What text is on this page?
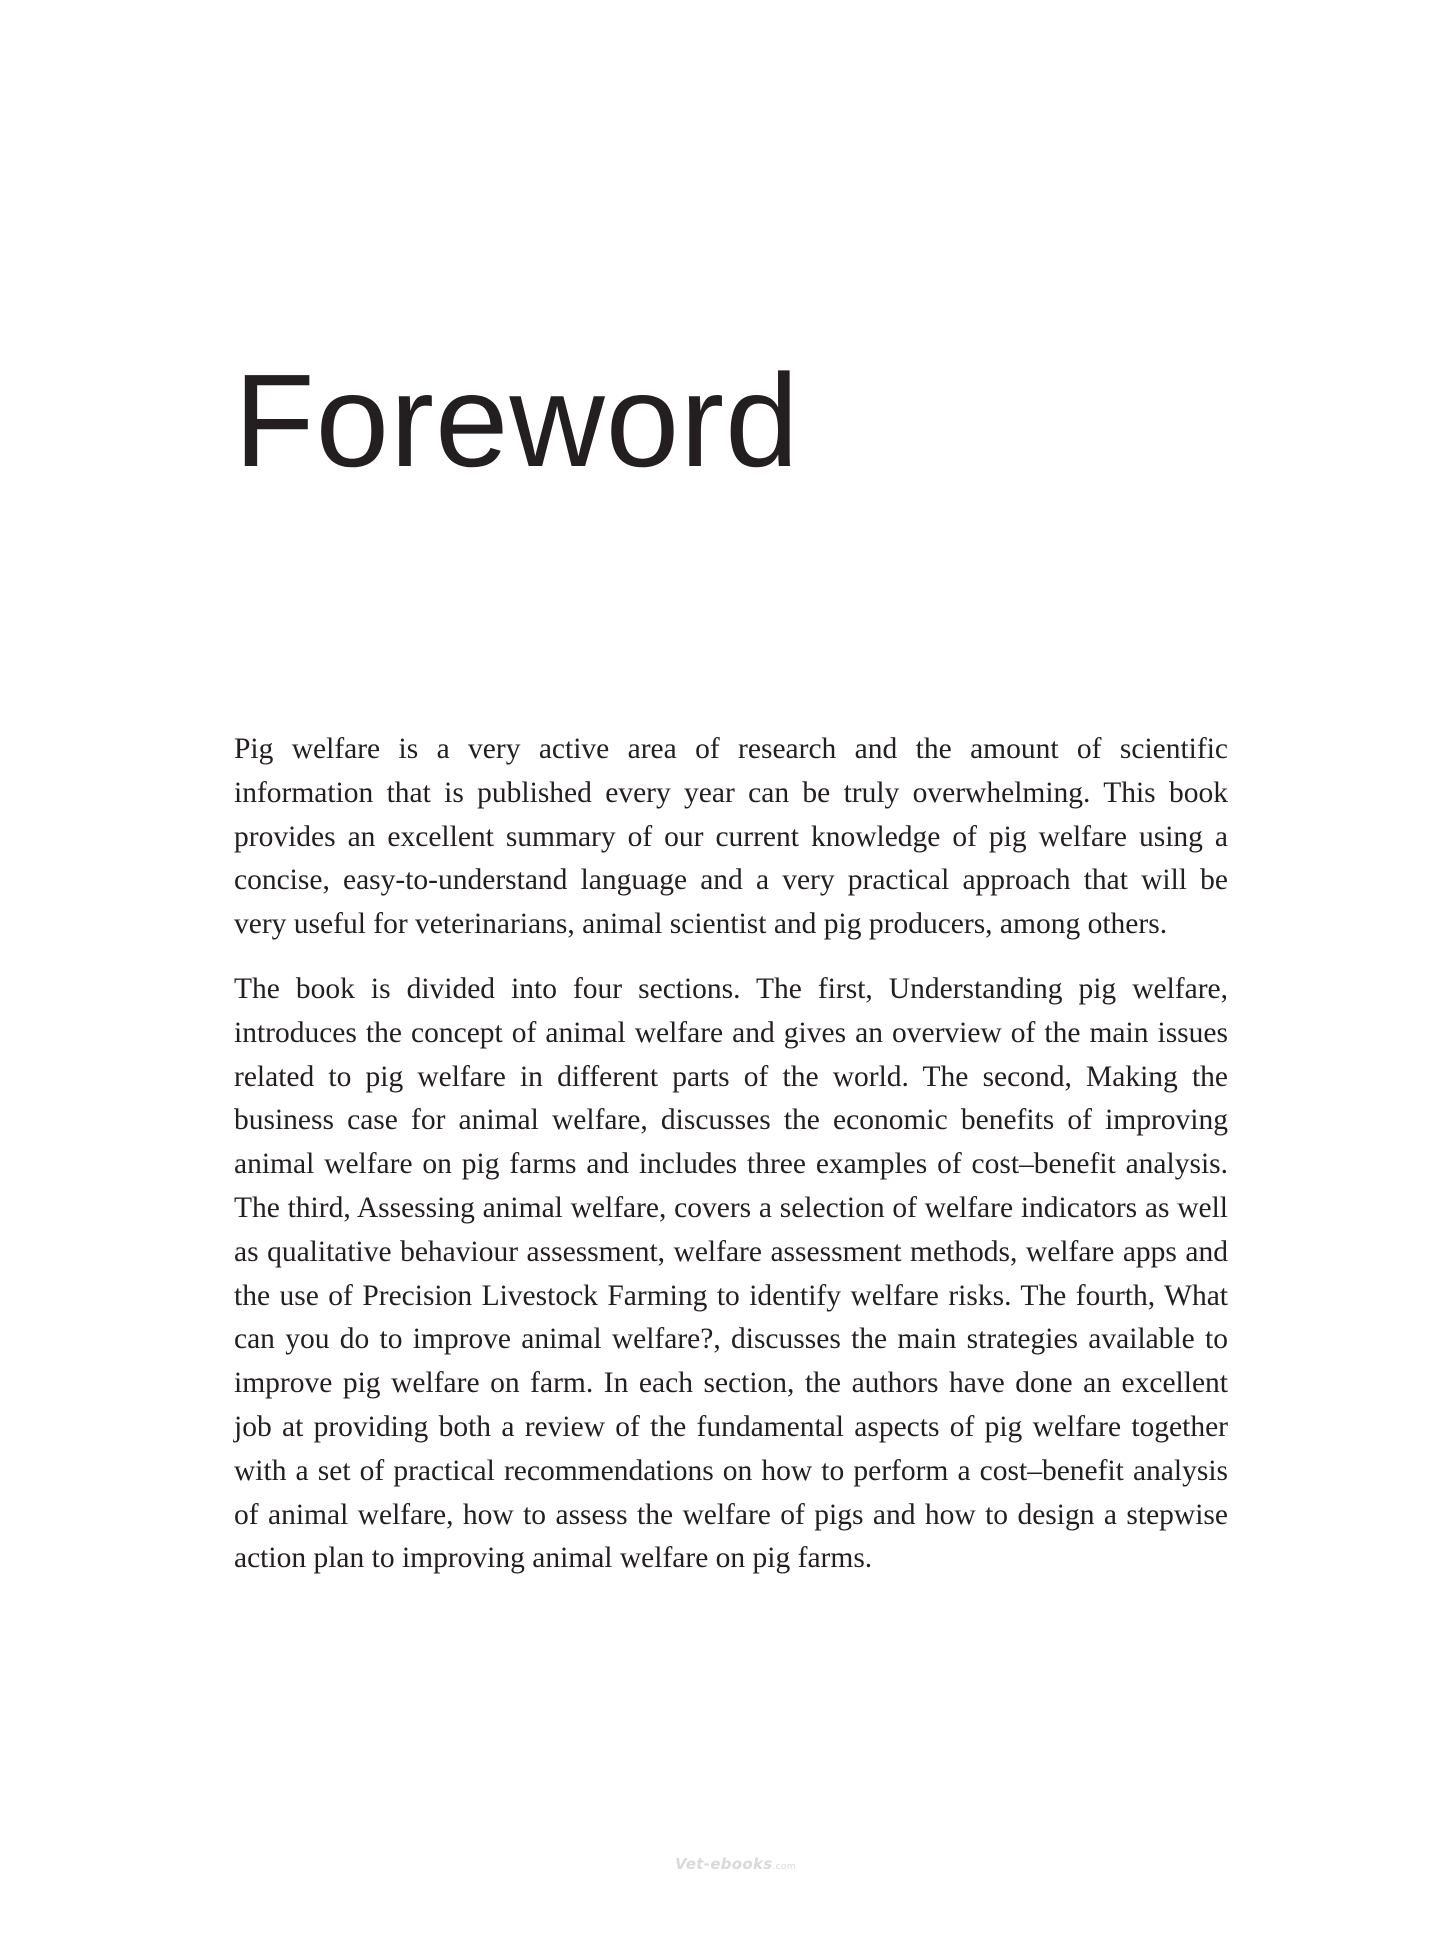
Foreword

Pig welfare is a very active area of research and the amount of scientific information that is published every year can be truly overwhelming. This book provides an excellent summary of our current knowledge of pig welfare using a concise, easy-to-understand language and a very practical approach that will be very useful for veterinarians, animal scientist and pig producers, among others.

The book is divided into four sections. The first, Understanding pig welfare, introduces the concept of animal welfare and gives an overview of the main issues related to pig welfare in different parts of the world. The second, Making the business case for animal welfare, discusses the economic benefits of improving animal welfare on pig farms and includes three examples of cost–benefit analysis. The third, Assessing animal welfare, covers a selection of welfare indicators as well as qualitative behaviour assessment, welfare assessment methods, welfare apps and the use of Precision Livestock Farming to identify welfare risks. The fourth, What can you do to improve animal welfare?, discusses the main strategies available to improve pig welfare on farm. In each section, the authors have done an excellent job at providing both a review of the fundamental aspects of pig welfare together with a set of practical recommendations on how to perform a cost–benefit analysis of animal welfare, how to assess the welfare of pigs and how to design a stepwise action plan to improving animal welfare on pig farms.

Vet-ebooks.com
